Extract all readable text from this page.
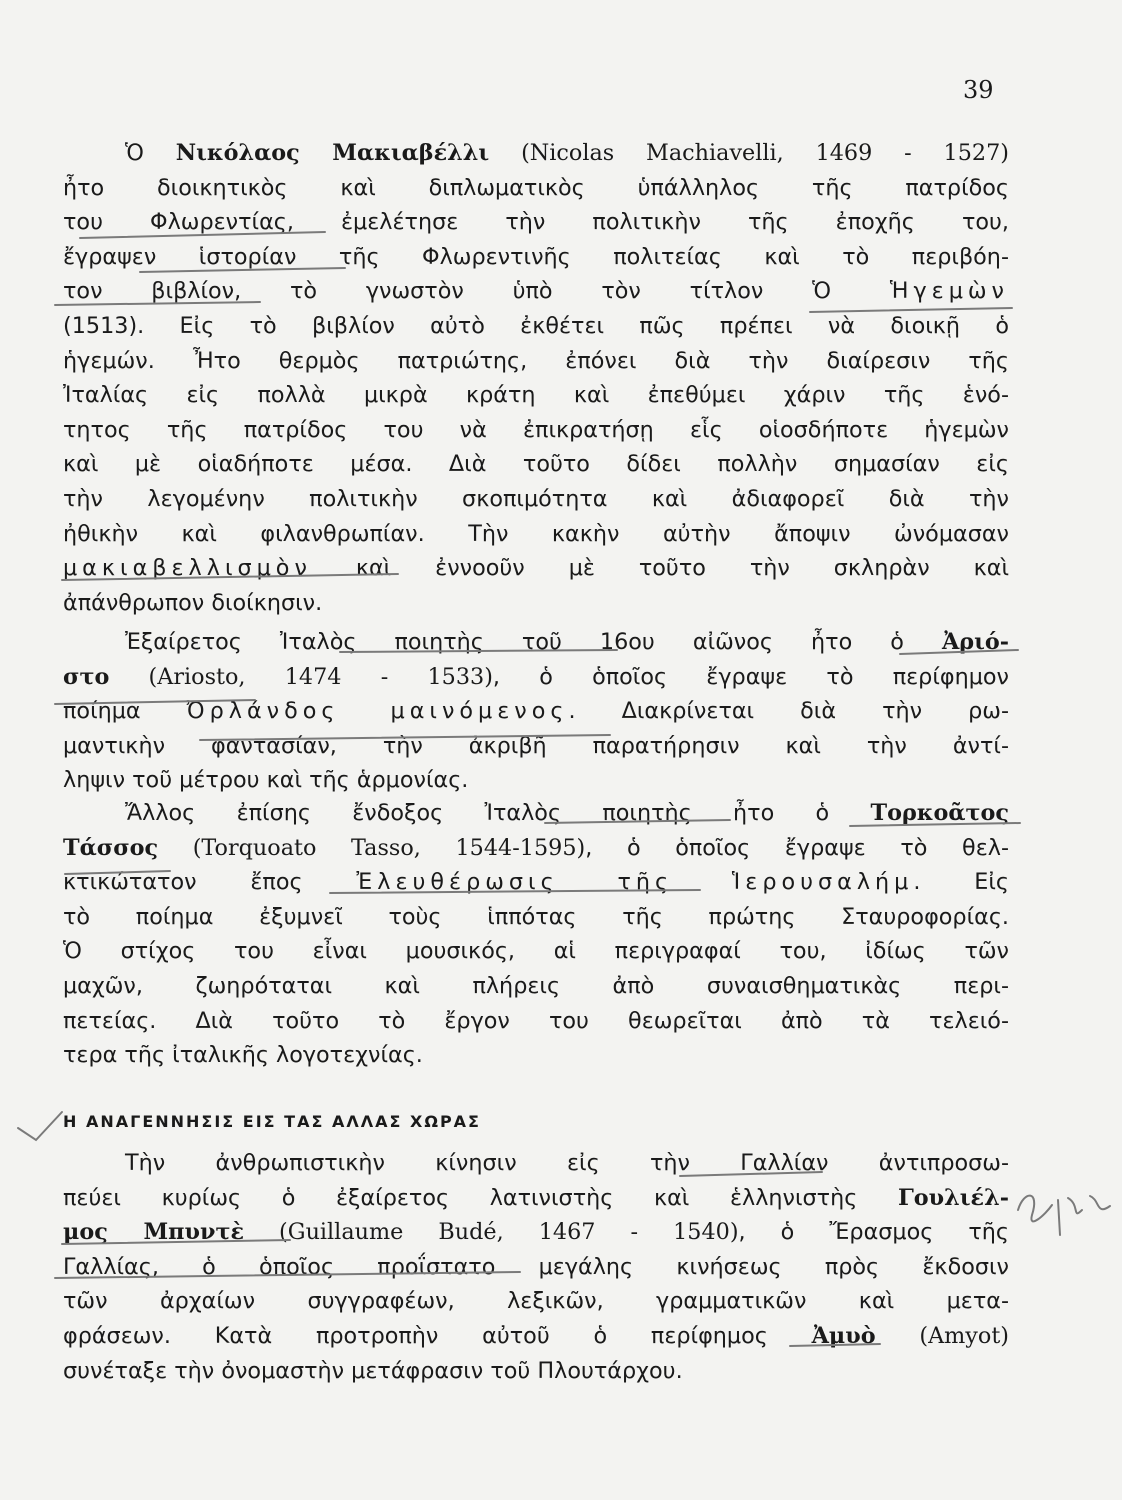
39
Ὁ Νικόλαος Μακιαβέλλι (Nicolas Machiavelli, 1469 - 1527)
ἦτο διοικητικὸς καὶ διπλωματικὸς ὑπάλληλος τῆς πατρίδος
του Φλωρεντίας, ἐμελέτησε τὴν πολιτικὴν τῆς ἐποχῆς του,
ἔγραψεν ἱστορίαν τῆς Φλωρεντινῆς πολιτείας καὶ τὸ περιβόη-
τον βιβλίον, τὸ γνωστὸν ὑπὸ τὸν τίτλον Ὁ Ἡγεμὼν
(1513). Εἰς τὸ βιβλίον αὐτὸ ἐκθέτει πῶς πρέπει νὰ διοικῇ ὁ
ἡγεμών. Ἦτο θερμὸς πατριώτης, ἐπόνει διὰ τὴν διαίρεσιν τῆς
Ἰταλίας εἰς πολλὰ μικρὰ κράτη καὶ ἐπεθύμει χάριν τῆς ἑνό-
τητος τῆς πατρίδος του νὰ ἐπικρατήσῃ εἷς οἱοσδήποτε ἡγεμὼν
καὶ μὲ οἱαδήποτε μέσα. Διὰ τοῦτο δίδει πολλὴν σημασίαν εἰς
τὴν λεγομένην πολιτικὴν σκοπιμότητα καὶ ἀδιαφορεῖ διὰ τὴν
ἠθικὴν καὶ φιλανθρωπίαν. Τὴν κακὴν αὐτὴν ἄποψιν ὠνόμασαν
μακιαβελλισμὸν καὶ ἐννοοῦν μὲ τοῦτο τὴν σκληρὰν καὶ
ἀπάνθρωπον διοίκησιν.
Ἐξαίρετος Ἰταλὸς ποιητὴς τοῦ 16ου αἰῶνος ἦτο ὁ Ἀριό-
στο (Ariosto, 1474 - 1533), ὁ ὁποῖος ἔγραψε τὸ περίφημον
ποίημα Ὀρλάνδος μαινόμενος. Διακρίνεται διὰ τὴν ρω-
μαντικὴν φαντασίαν, τὴν ἀκριβῆ παρατήρησιν καὶ τὴν ἀντί-
ληψιν τοῦ μέτρου καὶ τῆς ἁρμονίας.
Ἄλλος ἐπίσης ἔνδοξος Ἰταλὸς ποιητὴς ἦτο ὁ Τορκοᾶτος
Τάσσος (Torquoato Tasso, 1544-1595), ὁ ὁποῖος ἔγραψε τὸ θελ-
κτικώτατον ἔπος Ἐλευθέρωσις τῆς Ἱερουσαλήμ. Εἰς
τὸ ποίημα ἐξυμνεῖ τοὺς ἱππότας τῆς πρώτης Σταυροφορίας.
Ὁ στίχος του εἶναι μουσικός, αἱ περιγραφαί του, ἰδίως τῶν
μαχῶν, ζωηρόταται καὶ πλήρεις ἀπὸ συναισθηματικὰς περι-
πετείας. Διὰ τοῦτο τὸ ἔργον του θεωρεῖται ἀπὸ τὰ τελειό-
τερα τῆς ἰταλικῆς λογοτεχνίας.
Η ΑΝΑΓΕΝΝΗΣΙΣ ΕΙΣ ΤΑΣ ΑΛΛΑΣ ΧΩΡΑΣ
Τὴν ἀνθρωπιστικὴν κίνησιν εἰς τὴν Γαλλίαν ἀντιπροσω-
πεύει κυρίως ὁ ἐξαίρετος λατινιστὴς καὶ ἑλληνιστὴς Γουλιέλ-
μος Μπυντὲ (Guillaume Budé, 1467 - 1540), ὁ Ἔρασμος τῆς
Γαλλίας, ὁ ὁποῖος προΐστατο μεγάλης κινήσεως πρὸς ἔκδοσιν
τῶν ἀρχαίων συγγραφέων, λεξικῶν, γραμματικῶν καὶ μετα-
φράσεων. Κατὰ προτροπὴν αὐτοῦ ὁ περίφημος Ἀμυὸ (Amyot)
συνέταξε τὴν ὀνομαστὴν μετάφρασιν τοῦ Πλουτάρχου.
